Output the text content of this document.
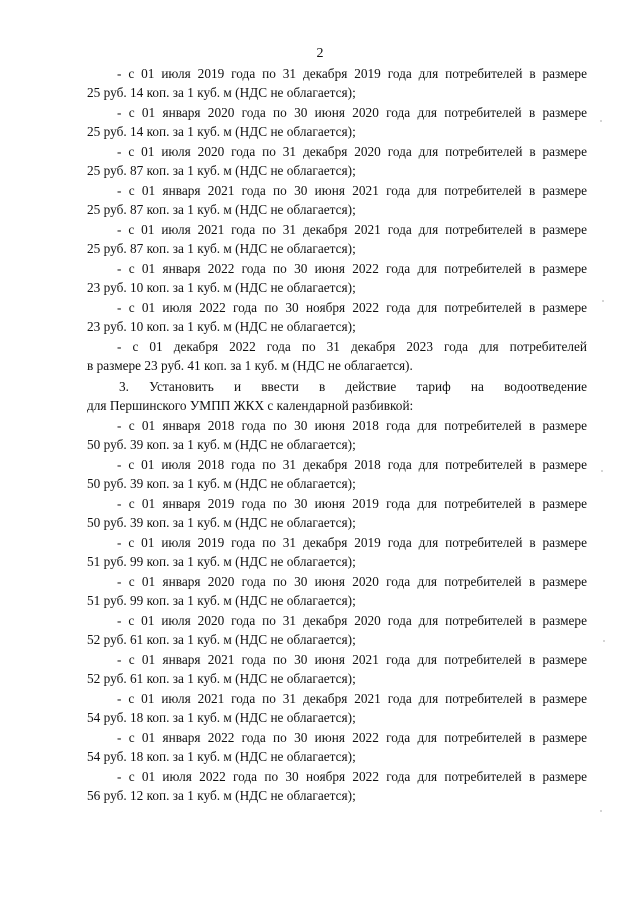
2

- с 01 июля 2019 года по 31 декабря 2019 года для потребителей в размере

25 руб. 14 коп. за 1 куб. м (НДС не облагается);

- с 01 января 2020 года по 30 июня 2020 года для потребителей в размере

25 руб. 14 коп. за 1 куб. м (НДС не облагается);

- с 01 июля 2020 года по 31 декабря 2020 года для потребителей в размере

25 руб. 87 коп. за 1 куб. м (НДС не облагается);

- с 01 января 2021 года по 30 июня 2021 года для потребителей в размере

25 руб. 87 коп. за 1 куб. м (НДС не облагается);

- с 01 июля 2021 года по 31 декабря 2021 года для потребителей в размере

25 руб. 87 коп. за 1 куб. м (НДС не облагается);

- с 01 января 2022 года по 30 июня 2022 года для потребителей в размере

23 руб. 10 коп. за 1 куб. м (НДС не облагается);

- с 01 июля 2022 года по 30 ноября 2022 года для потребителей в размере

23 руб. 10 коп. за 1 куб. м (НДС не облагается);

- с 01 декабря 2022 года по 31 декабря 2023 года для потребителей

в размере 23 руб. 41 коп. за 1 куб. м (НДС не облагается).

3. Установить и ввести в действие тариф на водоотведение

для Першинского УМПП ЖКХ с календарной разбивкой:

- с 01 января 2018 года по 30 июня 2018 года для потребителей в размере

50 руб. 39 коп. за 1 куб. м (НДС не облагается);

- с 01 июля 2018 года по 31 декабря 2018 года для потребителей в размере

50 руб. 39 коп. за 1 куб. м (НДС не облагается);

- с 01 января 2019 года по 30 июня 2019 года для потребителей в размере

50 руб. 39 коп. за 1 куб. м (НДС не облагается);

- с 01 июля 2019 года по 31 декабря 2019 года для потребителей в размере

51 руб. 99 коп. за 1 куб. м (НДС не облагается);

- с 01 января 2020 года по 30 июня 2020 года для потребителей в размере

51 руб. 99 коп. за 1 куб. м (НДС не облагается);

- с 01 июля 2020 года по 31 декабря 2020 года для потребителей в размере

52 руб. 61 коп. за 1 куб. м (НДС не облагается);

- с 01 января 2021 года по 30 июня 2021 года для потребителей в размере

52 руб. 61 коп. за 1 куб. м (НДС не облагается);

- с 01 июля 2021 года по 31 декабря 2021 года для потребителей в размере

54 руб. 18 коп. за 1 куб. м (НДС не облагается);

- с 01 января 2022 года по 30 июня 2022 года для потребителей в размере

54 руб. 18 коп. за 1 куб. м (НДС не облагается);

- с 01 июля 2022 года по 30 ноября 2022 года для потребителей в размере

56 руб. 12 коп. за 1 куб. м (НДС не облагается);
